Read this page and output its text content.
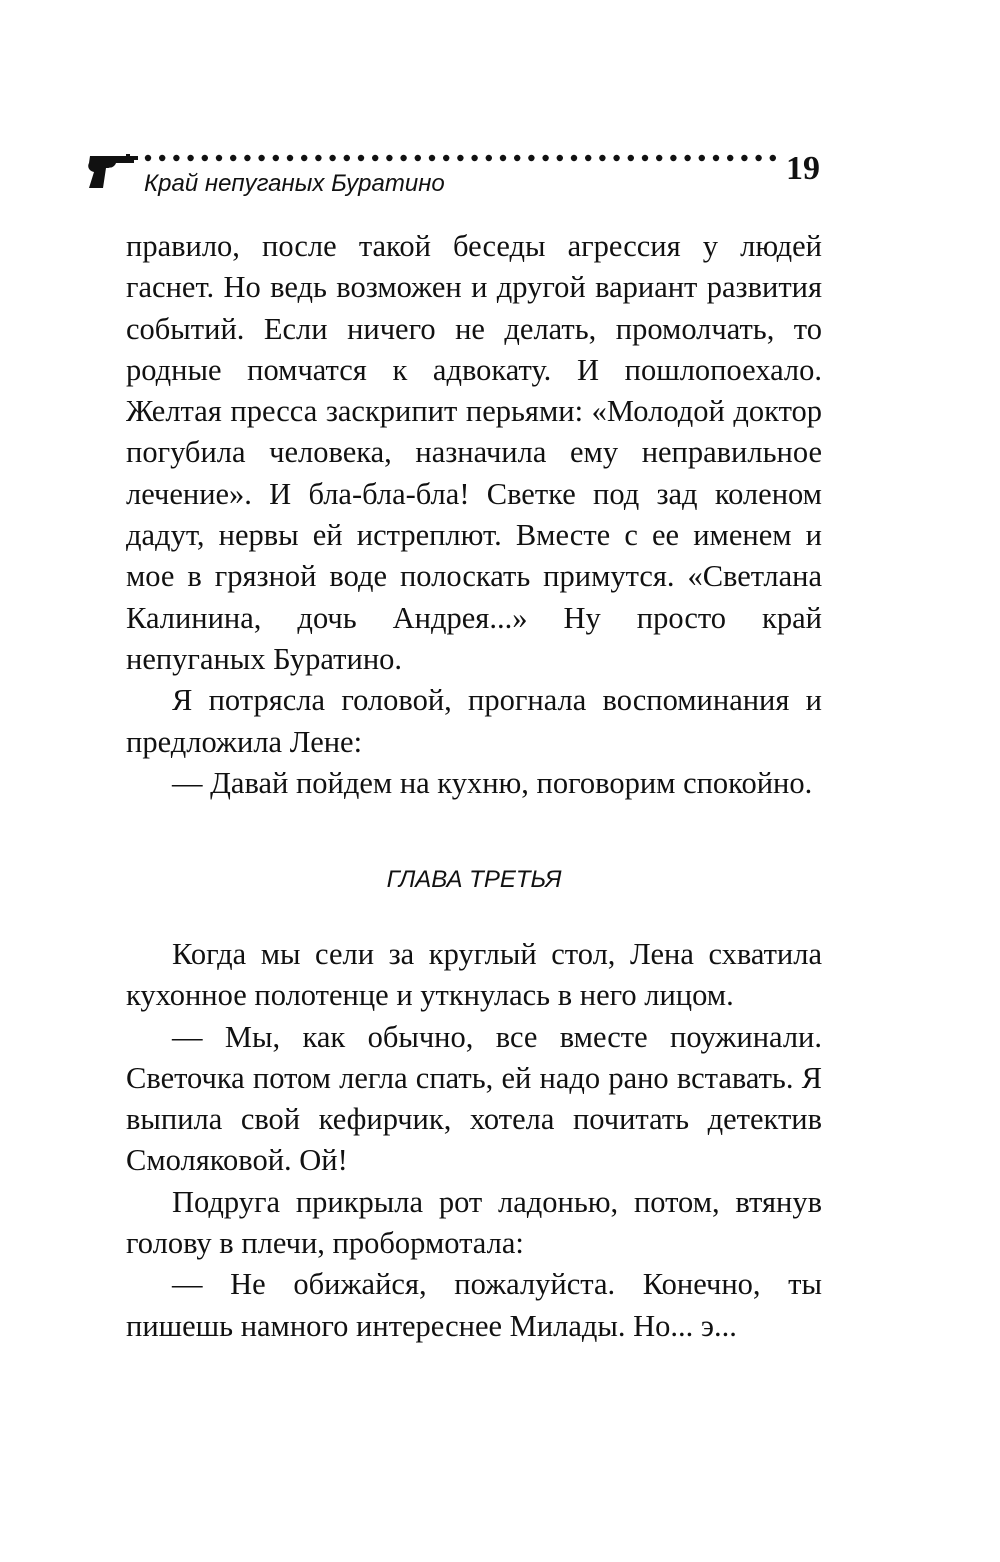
19
Край непуганых Буратино

правило, после такой беседы агрессия у людей гаснет. Но ведь возможен и другой вариант развития событий. Если ничего не делать, промолчать, то родные помчатся к адвокату. И пошлопоехало. Желтая пресса заскрипит перьями: «Молодой доктор погубила человека, назначила ему неправильное лечение». И бла-бла-бла! Светке под зад коленом дадут, нервы ей истреплют. Вместе с ее именем и мое в грязной воде полоскать примутся. «Светлана Калинина, дочь Андрея...» Ну просто край непуганых Буратино.

Я потрясла головой, прогнала воспоминания и предложила Лене:

— Давай пойдем на кухню, поговорим спокойно.

ГЛАВА ТРЕТЬЯ

Когда мы сели за круглый стол, Лена схватила кухонное полотенце и уткнулась в него лицом.

— Мы, как обычно, все вместе поужинали. Светочка потом легла спать, ей надо рано вставать. Я выпила свой кефирчик, хотела почитать детектив Смоляковой. Ой!

Подруга прикрыла рот ладонью, потом, втянув голову в плечи, пробормотала:

— Не обижайся, пожалуйста. Конечно, ты пишешь намного интереснее Милады. Но... э...
